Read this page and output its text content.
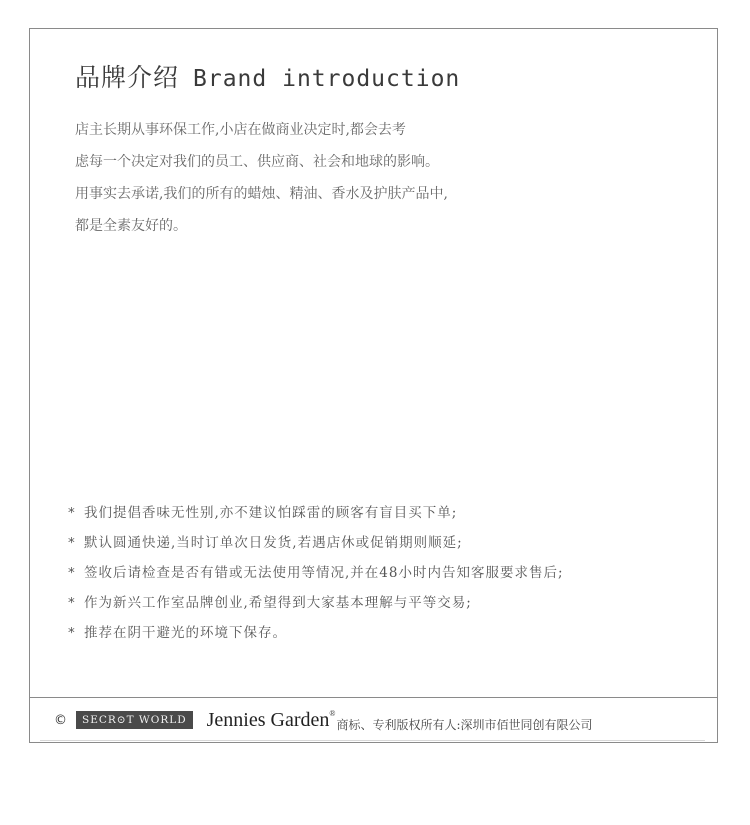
品牌介绍 Brand introduction
店主长期从事环保工作,小店在做商业决定时,都会去考
虑每一个决定对我们的员工、供应商、社会和地球的影响。
用事实去承诺,我们的所有的蜡烛、精油、香水及护肤产品中,
都是全素友好的。
* 我们提倡香味无性别,亦不建议怕踩雷的顾客有盲目买下单;
* 默认圆通快递,当时订单次日发货,若遇店休或促销期则顺延;
* 签收后请检查是否有错或无法使用等情况,并在48小时内告知客服要求售后;
* 作为新兴工作室品牌创业,希望得到大家基本理解与平等交易;
* 推荐在阴干避光的环境下保存。
©	SECR⊙T WORLD	Jennies Garden®
商标、专利版权所有人:深圳市佰世同创有限公司
